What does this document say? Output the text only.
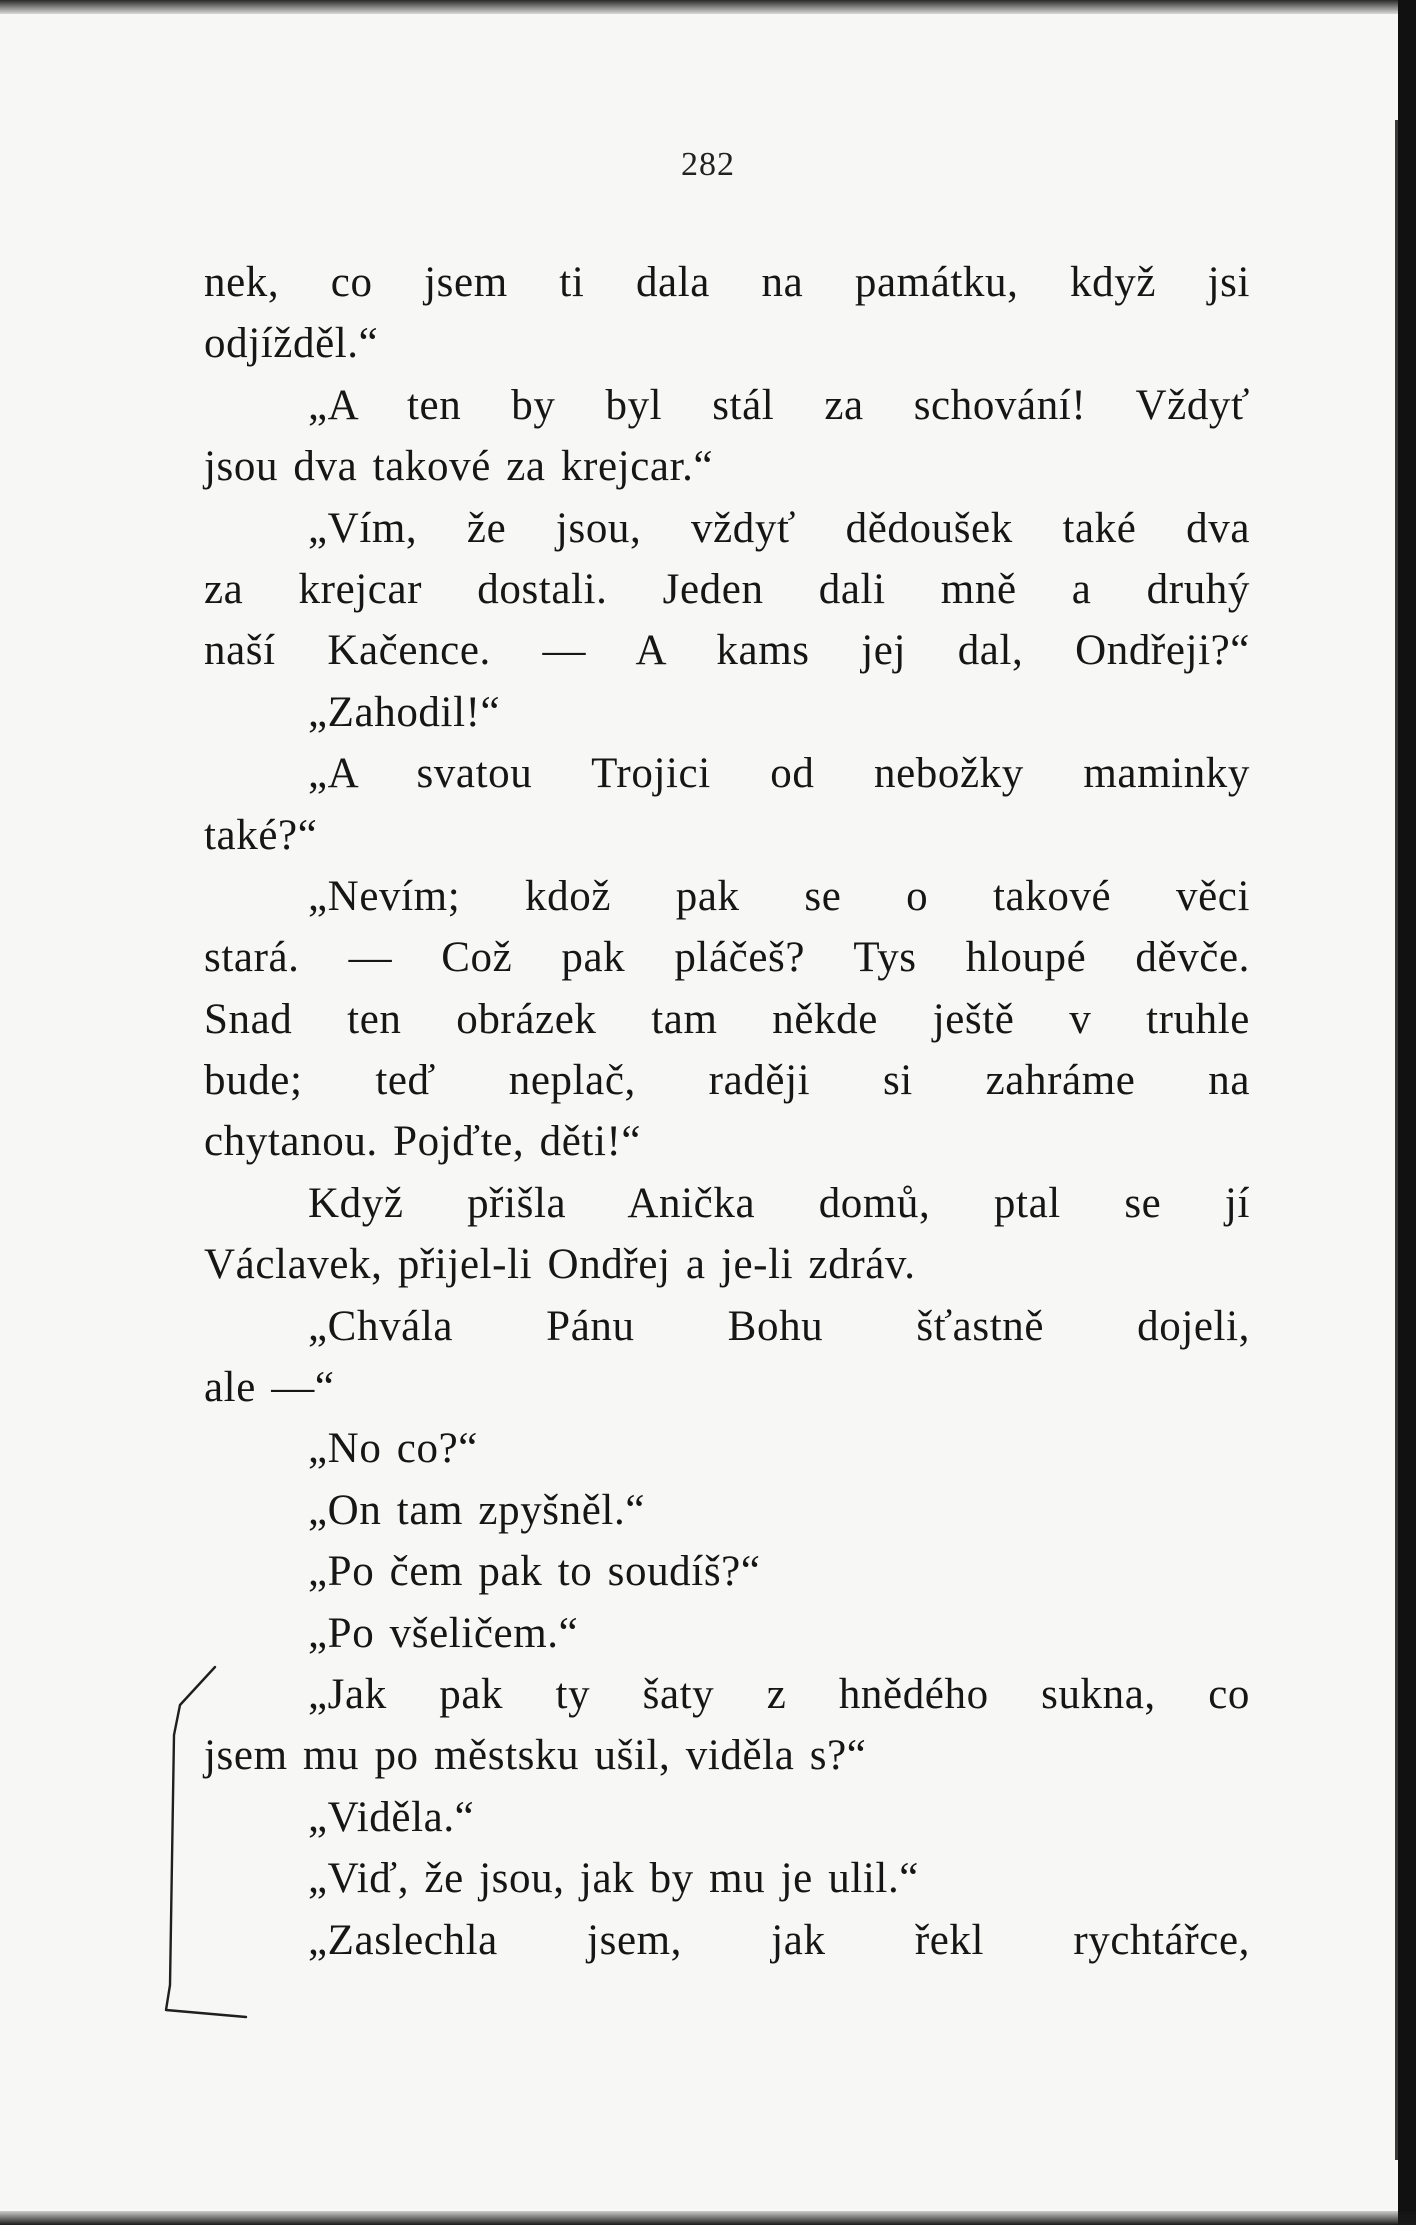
282
nek, co jsem ti dala na památku, když jsi
odjížděl.“
„A ten by byl stál za schování! Vždyť
jsou dva takové za krejcar.“
„Vím, že jsou, vždyť dědoušek také dva
za krejcar dostali. Jeden dali mně a druhý
naší Kačence. — A kams jej dal, Ondřeji?“
„Zahodil!“
„A svatou Trojici od nebožky maminky
také?“
„Nevím; kdož pak se o takové věci
stará. — Což pak pláčeš? Tys hloupé děvče.
Snad ten obrázek tam někde ještě v truhle
bude; teď neplač, raději si zahráme na
chytanou. Pojďte, děti!“
Když přišla Anička domů, ptal se jí
Václavek, přijel-li Ondřej a je-li zdráv.
„Chvála Pánu Bohu šťastně dojeli,
ale —“
„No co?“
„On tam zpyšněl.“
„Po čem pak to soudíš?“
„Po všeličem.“
„Jak pak ty šaty z hnědého sukna, co
jsem mu po městsku ušil, viděla s?“
„Viděla.“
„Viď, že jsou, jak by mu je ulil.“
„Zaslechla jsem, jak řekl rychtářce,
